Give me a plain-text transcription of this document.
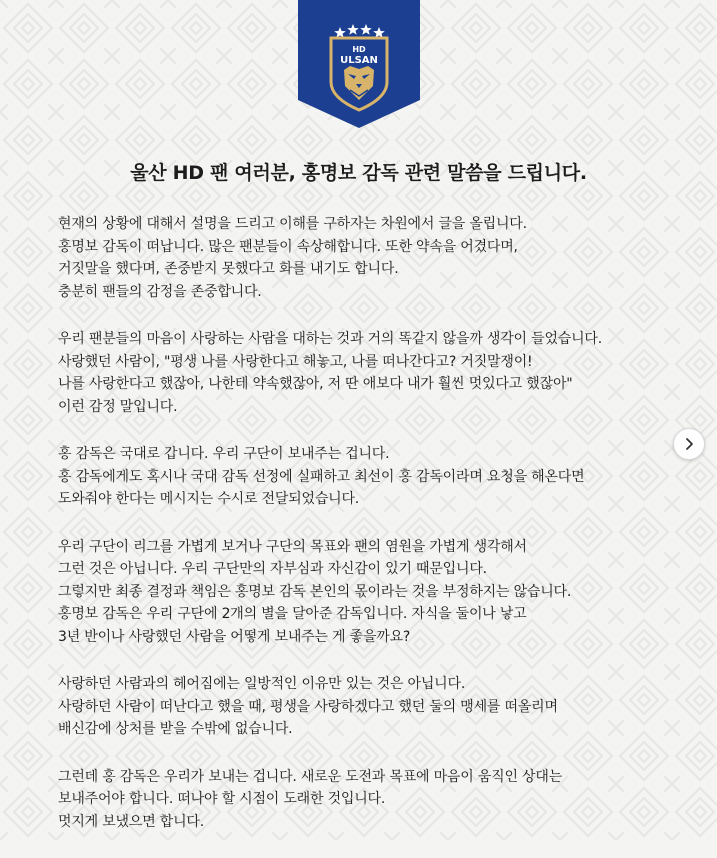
HD
ULSAN
울산 HD 팬 여러분, 홍명보 감독 관련 말씀을 드립니다.
현재의 상황에 대해서 설명을 드리고 이해를 구하자는 차원에서 글을 올립니다.
홍명보 감독이 떠납니다. 많은 팬분들이 속상해합니다. 또한 약속을 어겼다며,
거짓말을 했다며, 존중받지 못했다고 화를 내기도 합니다.
충분히 팬들의 감정을 존중합니다.
우리 팬분들의 마음이 사랑하는 사람을 대하는 것과 거의 똑같지 않을까 생각이 들었습니다.
사랑했던 사람이, "평생 나를 사랑한다고 해놓고, 나를 떠나간다고? 거짓말쟁이!
나를 사랑한다고 했잖아, 나한테 약속했잖아, 저 딴 애보다 내가 훨씬 멋있다고 했잖아"
이런 감정 말입니다.
홍 감독은 국대로 갑니다. 우리 구단이 보내주는 겁니다.
홍 감독에게도 혹시나 국대 감독 선정에 실패하고 최선이 홍 감독이라며 요청을 해온다면
도와줘야 한다는 메시지는 수시로 전달되었습니다.
우리 구단이 리그를 가볍게 보거나 구단의 목표와 팬의 염원을 가볍게 생각해서
그런 것은 아닙니다. 우리 구단만의 자부심과 자신감이 있기 때문입니다.
그렇지만 최종 결정과 책임은 홍명보 감독 본인의 몫이라는 것을 부정하지는 않습니다.
홍명보 감독은 우리 구단에 2개의 별을 달아준 감독입니다. 자식을 둘이나 낳고
3년 반이나 사랑했던 사람을 어떻게 보내주는 게 좋을까요?
사랑하던 사람과의 헤어짐에는 일방적인 이유만 있는 것은 아닙니다.
사랑하던 사람이 떠난다고 했을 때, 평생을 사랑하겠다고 했던 둘의 맹세를 떠올리며
배신감에 상처를 받을 수밖에 없습니다.
그런데 홍 감독은 우리가 보내는 겁니다. 새로운 도전과 목표에 마음이 움직인 상대는
보내주어야 합니다. 떠나야 할 시점이 도래한 것입니다.
멋지게 보냈으면 합니다.
